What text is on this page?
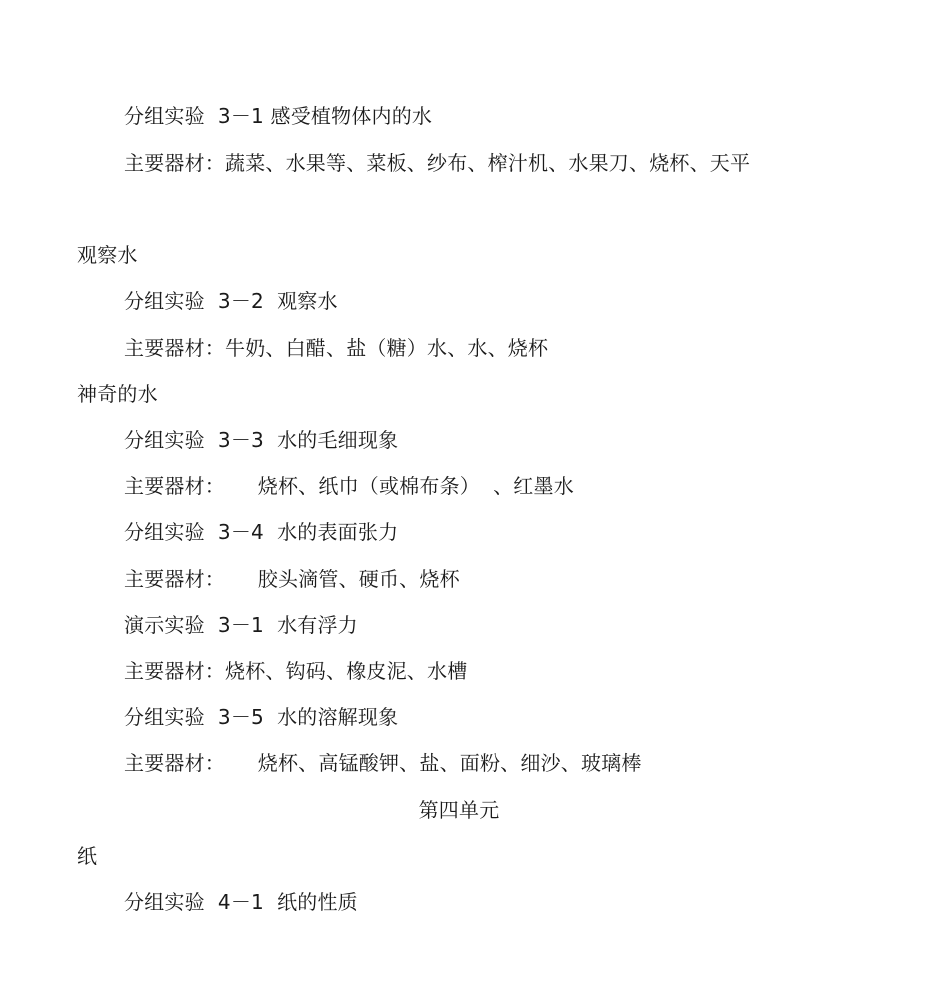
分组实验  3－1 感受植物体内的水
主要器材：蔬菜、水果等、菜板、纱布、榨汁机、水果刀、烧杯、天平
观察水
分组实验  3－2  观察水
主要器材：牛奶、白醋、盐（糖）水、水、烧杯
神奇的水
分组实验  3－3  水的毛细现象
主要器材：     烧杯、纸巾（或棉布条）  、红墨水
分组实验  3－4  水的表面张力
主要器材：     胶头滴管、硬币、烧杯
演示实验  3－1  水有浮力
主要器材：烧杯、钩码、橡皮泥、水槽
分组实验  3－5  水的溶解现象
主要器材：     烧杯、高锰酸钾、盐、面粉、细沙、玻璃棒
第四单元
纸
分组实验  4－1  纸的性质
